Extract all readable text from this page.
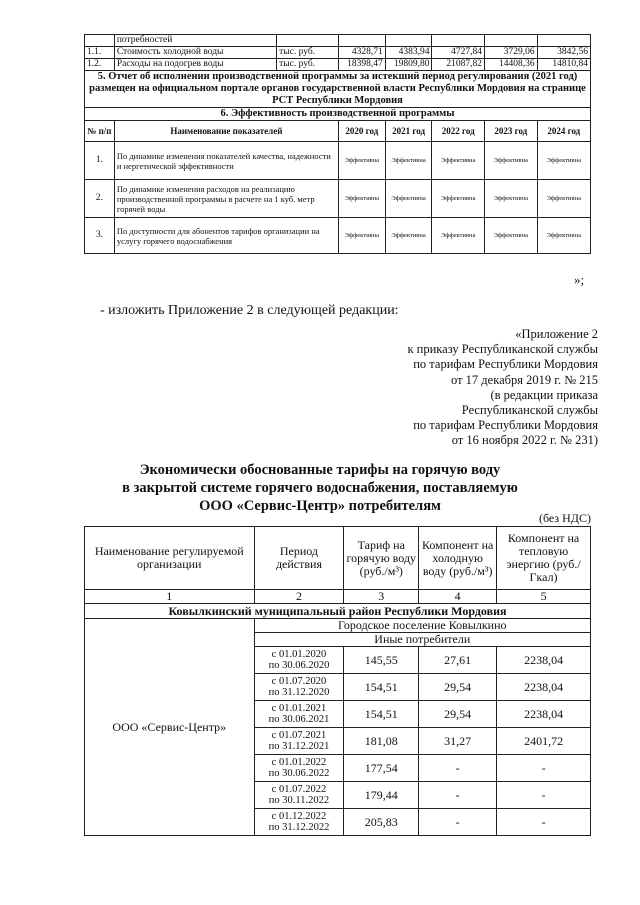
	потребностей						
1.1.	Стоимость холодной воды	тыс. руб.	4328,71	4383,94	4727,84	3729,06	3842,56
1.2.	Расходы на подогрев воды	тыс. руб.	18398,47	19809,80	21087,82	14408,36	14810,84
5. Отчет об исполнении производственной программы за истекший период регулирования (2021 год) размещен на официальном портале органов государственной власти Республики Мордовия на странице РСТ Республики Мордовия							
6. Эффективность производственной программы							
№ п/п	Наименование показателей		2020 год	2021 год	2022 год	2023 год	2024 год
1.	По динамике изменения показателей качества, надежности и нергетической эффективности		Эффективна	Эффективна	Эффективна	Эффективна	Эффективна
2.	По динамике изменения расходов на реализацию производственной программы в расчете на 1 куб. метр горячей воды		Эффективна	Эффективна	Эффективна	Эффективна	Эффективна
3.	По доступности для абонентов тарифов организации на услугу горячего водоснабжения		Эффективна	Эффективна	Эффективна	Эффективна	Эффективна
»;
- изложить Приложение 2 в следующей редакции:
«Приложение 2
к приказу Республиканской службы
по тарифам Республики Мордовия
от 17 декабря 2019 г. № 215
(в редакции приказа
Республиканской службы
по тарифам Республики Мордовия
от 16 ноября 2022 г. № 231)
Экономически обоснованные тарифы на горячую воду
в закрытой системе горячего водоснабжения, поставляемую
ООО «Сервис-Центр» потребителям
(без НДС)
Наименование регулируемой организации	Период действия	Тариф на горячую воду (руб./м³)	Компонент на холодную воду (руб./м³)	Компонент на тепловую энергию (руб./Гкал)
1	2	3	4	5
Ковылкинский муниципальный район Республики Мордовия				
ООО «Сервис-Центр»	Городское поселение Ковылкино			
	Иные потребители			

	с 01.01.2020
по 30.06.2020	145,55	27,61	2238,04

	с 01.07.2020
по 31.12.2020	154,51	29,54	2238,04

	с 01.01.2021
по 30.06.2021	154,51	29,54	2238,04

	с 01.07.2021
по 31.12.2021	181,08	31,27	2401,72

	с 01.01.2022
по 30.06.2022	177,54	-	-

	с 01.07.2022
по 30.11.2022	179,44	-	-

	с 01.12.2022
по 31.12.2022	205,83	-	-
